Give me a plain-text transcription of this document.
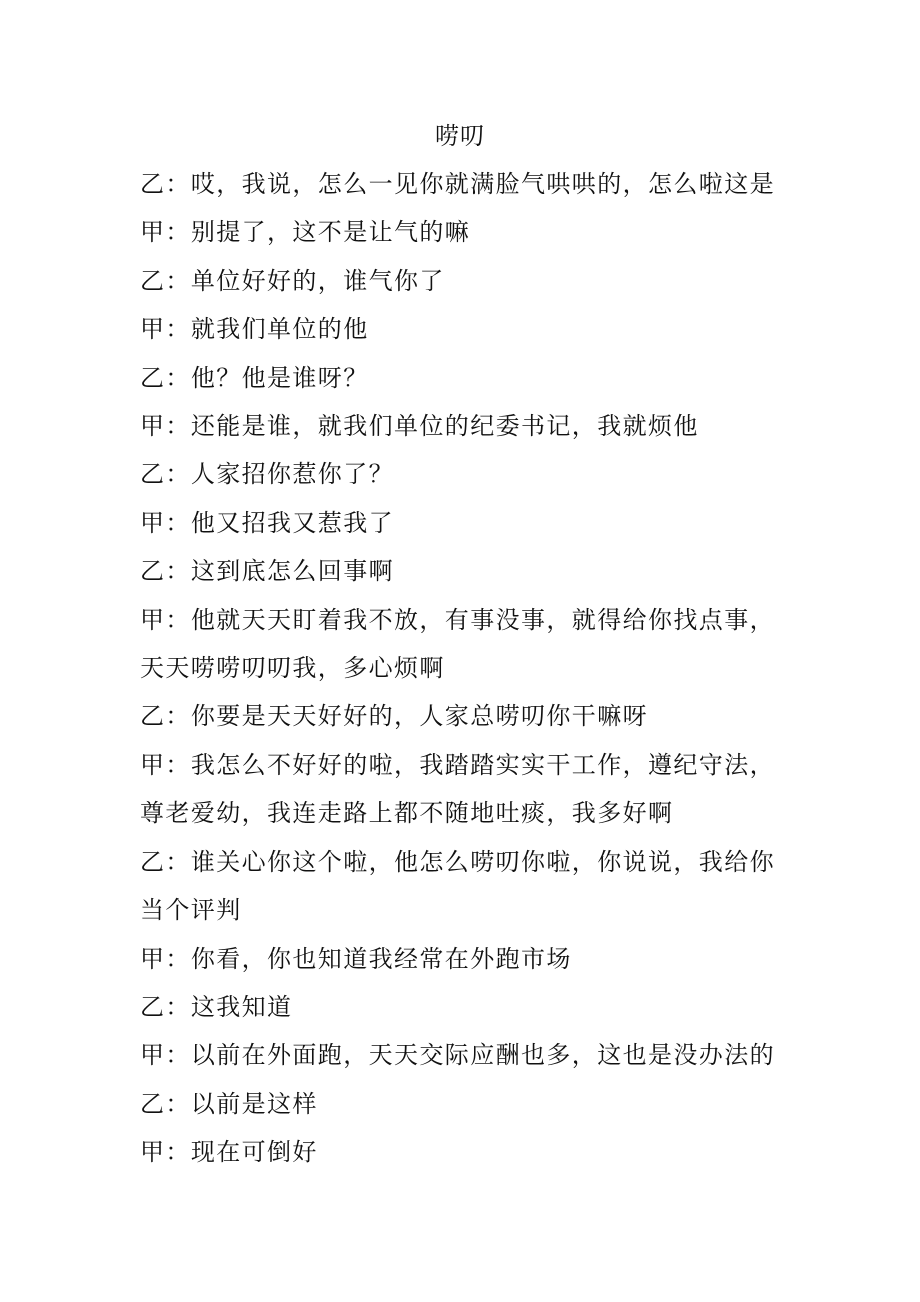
唠叨
乙：哎，我说，怎么一见你就满脸气哄哄的，怎么啦这是
甲：别提了，这不是让气的嘛
乙：单位好好的，谁气你了
甲：就我们单位的他
乙：他？他是谁呀？
甲：还能是谁，就我们单位的纪委书记，我就烦他
乙：人家招你惹你了？
甲：他又招我又惹我了
乙：这到底怎么回事啊
甲：他就天天盯着我不放，有事没事，就得给你找点事，天天唠唠叨叨我，多心烦啊
乙：你要是天天好好的，人家总唠叨你干嘛呀
甲：我怎么不好好的啦，我踏踏实实干工作，遵纪守法，尊老爱幼，我连走路上都不随地吐痰，我多好啊
乙：谁关心你这个啦，他怎么唠叨你啦，你说说，我给你当个评判
甲：你看，你也知道我经常在外跑市场
乙：这我知道
甲：以前在外面跑，天天交际应酬也多，这也是没办法的
乙：以前是这样
甲：现在可倒好
